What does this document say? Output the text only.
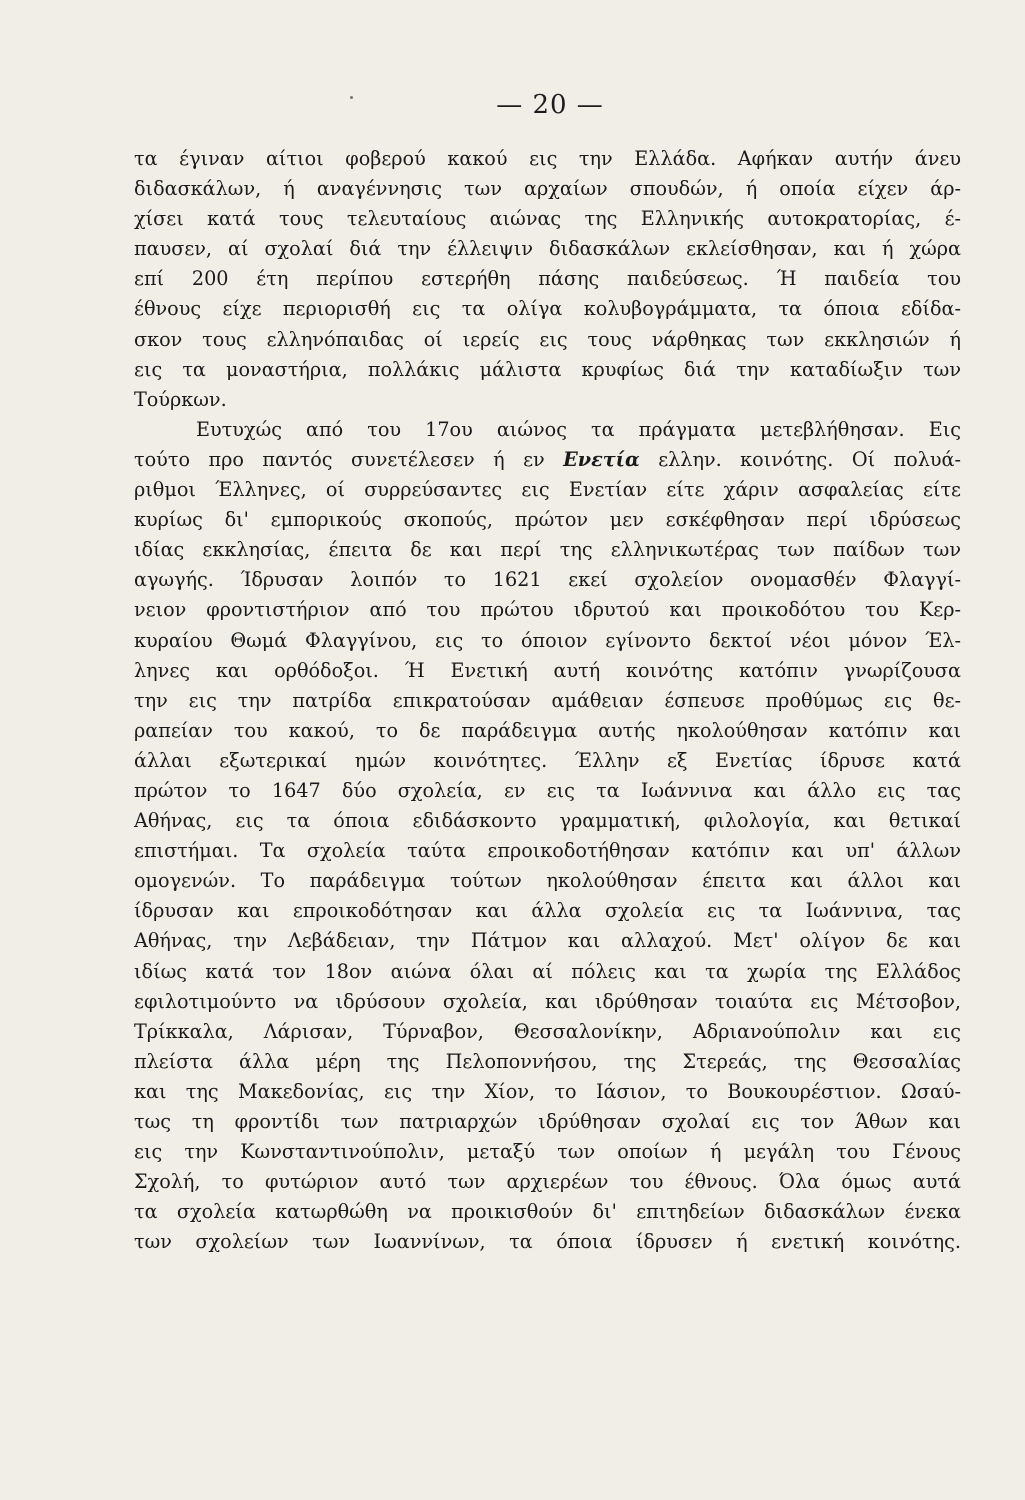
— 20 —
τα έγιναν αίτιοι φοβερού κακού εις την Ελλάδα. Αφήκαν αυτήν άνευ
διδασκάλων, ή αναγέννησις των αρχαίων σπουδών, ή οποία είχεν άρ-
χίσει κατά τους τελευταίους αιώνας της Ελληνικής αυτοκρατορίας, έ-
παυσεν, αί σχολαί διά την έλλειψιν διδασκάλων εκλείσθησαν, και ή χώρα
επί 200 έτη περίπου εστερήθη πάσης παιδεύσεως. Ή παιδεία του
έθνους είχε περιορισθή εις τα ολίγα κολυβογράμματα, τα όποια εδίδα-
σκον τους ελληνόπαιδας οί ιερείς εις τους νάρθηκας των εκκλησιών ή
εις τα μοναστήρια, πολλάκις μάλιστα κρυφίως διά την καταδίωξιν των
Τούρκων.
Ευτυχώς από του 17ου αιώνος τα πράγματα μετεβλήθησαν. Εις
τούτο προ παντός συνετέλεσεν ή εν Ενετία ελλην. κοινότης. Οί πολυά-
ριθμοι Έλληνες, οί συρρεύσαντες εις Ενετίαν είτε χάριν ασφαλείας είτε
κυρίως δι' εμπορικούς σκοπούς, πρώτον μεν εσκέφθησαν περί ιδρύσεως
ιδίας εκκλησίας, έπειτα δε και περί της ελληνικωτέρας των παίδων των
αγωγής. Ίδρυσαν λοιπόν το 1621 εκεί σχολείον ονομασθέν Φλαγγί-
νειον φροντιστήριον από του πρώτου ιδρυτού και προικοδότου του Κερ-
κυραίου Θωμά Φλαγγίνου, εις το όποιον εγίνοντο δεκτοί νέοι μόνον Έλ-
ληνες και ορθόδοξοι. Ή Ενετική αυτή κοινότης κατόπιν γνωρίζουσα
την εις την πατρίδα επικρατούσαν αμάθειαν έσπευσε προθύμως εις θε-
ραπείαν του κακού, το δε παράδειγμα αυτής ηκολούθησαν κατόπιν και
άλλαι εξωτερικαί ημών κοινότητες. Έλλην εξ Ενετίας ίδρυσε κατά
πρώτον το 1647 δύο σχολεία, εν εις τα Ιωάννινα και άλλο εις τας
Αθήνας, εις τα όποια εδιδάσκοντο γραμματική, φιλολογία, και θετικαί
επιστήμαι. Τα σχολεία ταύτα επροικοδοτήθησαν κατόπιν και υπ' άλλων
ομογενών. Το παράδειγμα τούτων ηκολούθησαν έπειτα και άλλοι και
ίδρυσαν και επροικοδότησαν και άλλα σχολεία εις τα Ιωάννινα, τας
Αθήνας, την Λεβάδειαν, την Πάτμον και αλλαχού. Μετ' ολίγον δε και
ιδίως κατά τον 18ον αιώνα όλαι αί πόλεις και τα χωρία της Ελλάδος
εφιλοτιμούντο να ιδρύσουν σχολεία, και ιδρύθησαν τοιαύτα εις Μέτσοβον,
Τρίκκαλα, Λάρισαν, Τύρναβον, Θεσσαλονίκην, Αδριανούπολιν και εις
πλείστα άλλα μέρη της Πελοποννήσου, της Στερεάς, της Θεσσαλίας
και της Μακεδονίας, εις την Χίον, το Ιάσιον, το Βουκουρέστιον. Ωσαύ-
τως τη φροντίδι των πατριαρχών ιδρύθησαν σχολαί εις τον Άθων και
εις την Κωνσταντινούπολιν, μεταξύ των οποίων ή μεγάλη του Γένους
Σχολή, το φυτώριον αυτό των αρχιερέων του έθνους. Όλα όμως αυτά
τα σχολεία κατωρθώθη να προικισθούν δι' επιτηδείων διδασκάλων ένεκα
των σχολείων των Ιωαννίνων, τα όποια ίδρυσεν ή ενετική κοινότης.
